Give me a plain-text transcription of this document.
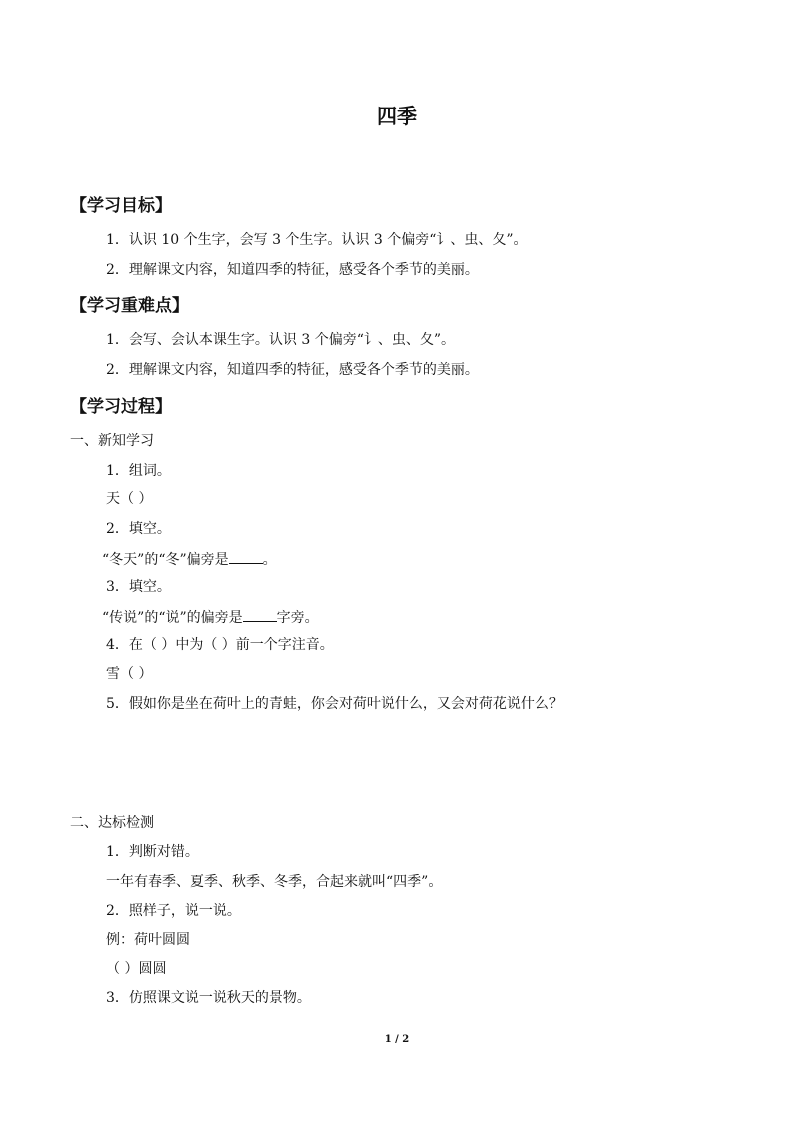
四季
【学习目标】
1．认识 10 个生字，会写 3 个生字。认识 3 个偏旁“讠、虫、夂”。
2．理解课文内容，知道四季的特征，感受各个季节的美丽。
【学习重难点】
1．会写、会认本课生字。认识 3 个偏旁“讠、虫、夂”。
2．理解课文内容，知道四季的特征，感受各个季节的美丽。
【学习过程】
一、新知学习
1．组词。
天（ ）
2．填空。
“冬天”的“冬”偏旁是 。
3．填空。
“传说”的“说”的偏旁是 字旁。
4．在（ ）中为（ ）前一个字注音。
雪（ ）
5．假如你是坐在荷叶上的青蛙，你会对荷叶说什么，又会对荷花说什么？
二、达标检测
1．判断对错。
一年有春季、夏季、秋季、冬季，合起来就叫“四季”。
2．照样子，说一说。
例：荷叶圆圆
（ ）圆圆
3．仿照课文说一说秋天的景物。
1 / 2
